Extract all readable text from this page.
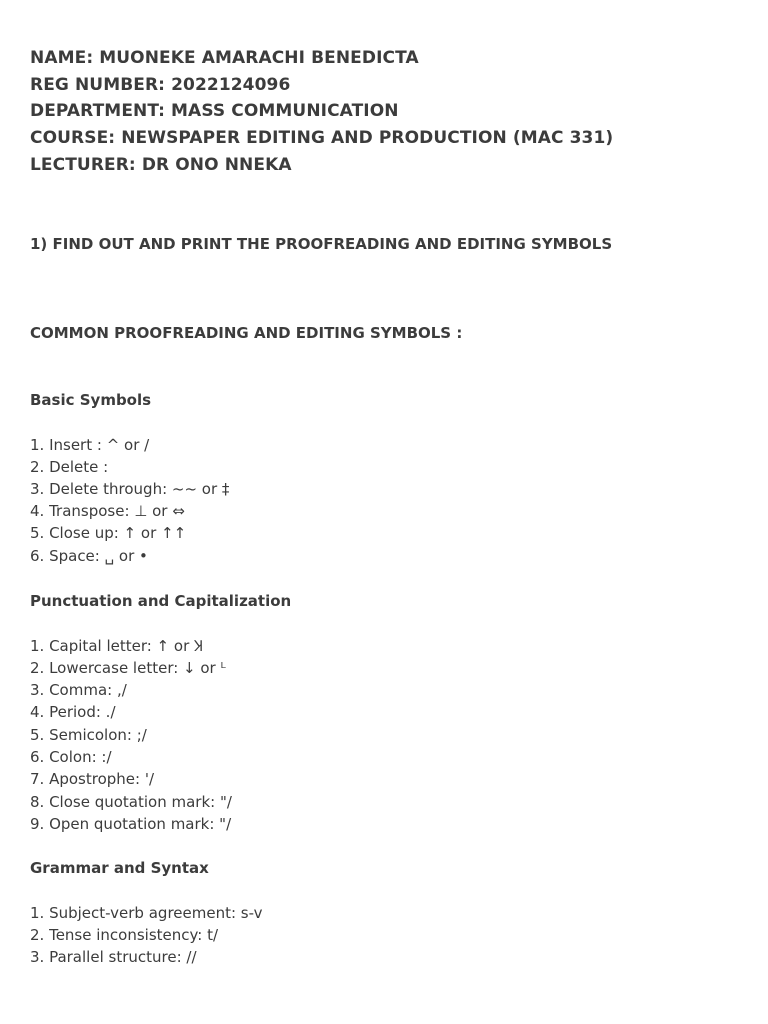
NAME: MUONEKE AMARACHI BENEDICTA
REG NUMBER: 2022124096
DEPARTMENT: MASS COMMUNICATION
COURSE: NEWSPAPER EDITING AND PRODUCTION (MAC 331)
LECTURER: DR ONO NNEKA
1) FIND OUT AND PRINT THE PROOFREADING AND EDITING SYMBOLS
COMMON PROOFREADING AND EDITING SYMBOLS :
Basic Symbols
1. Insert : ^ or /
2. Delete :
3. Delete through: ~~ or ‡
4. Transpose: ⊥ or ⇔
5. Close up: ↑ or ↑↑
6. Space: ␣ or •
Punctuation and Capitalization
1. Capital letter: ↑ or Ʞ
2. Lowercase letter: ↓ or ᴸ
3. Comma: ,/
4. Period: ./
5. Semicolon: ;/
6. Colon: :/
7. Apostrophe: '/
8. Close quotation mark: "/
9. Open quotation mark: "/
Grammar and Syntax
1. Subject-verb agreement: s-v
2. Tense inconsistency: t/
3. Parallel structure: //
